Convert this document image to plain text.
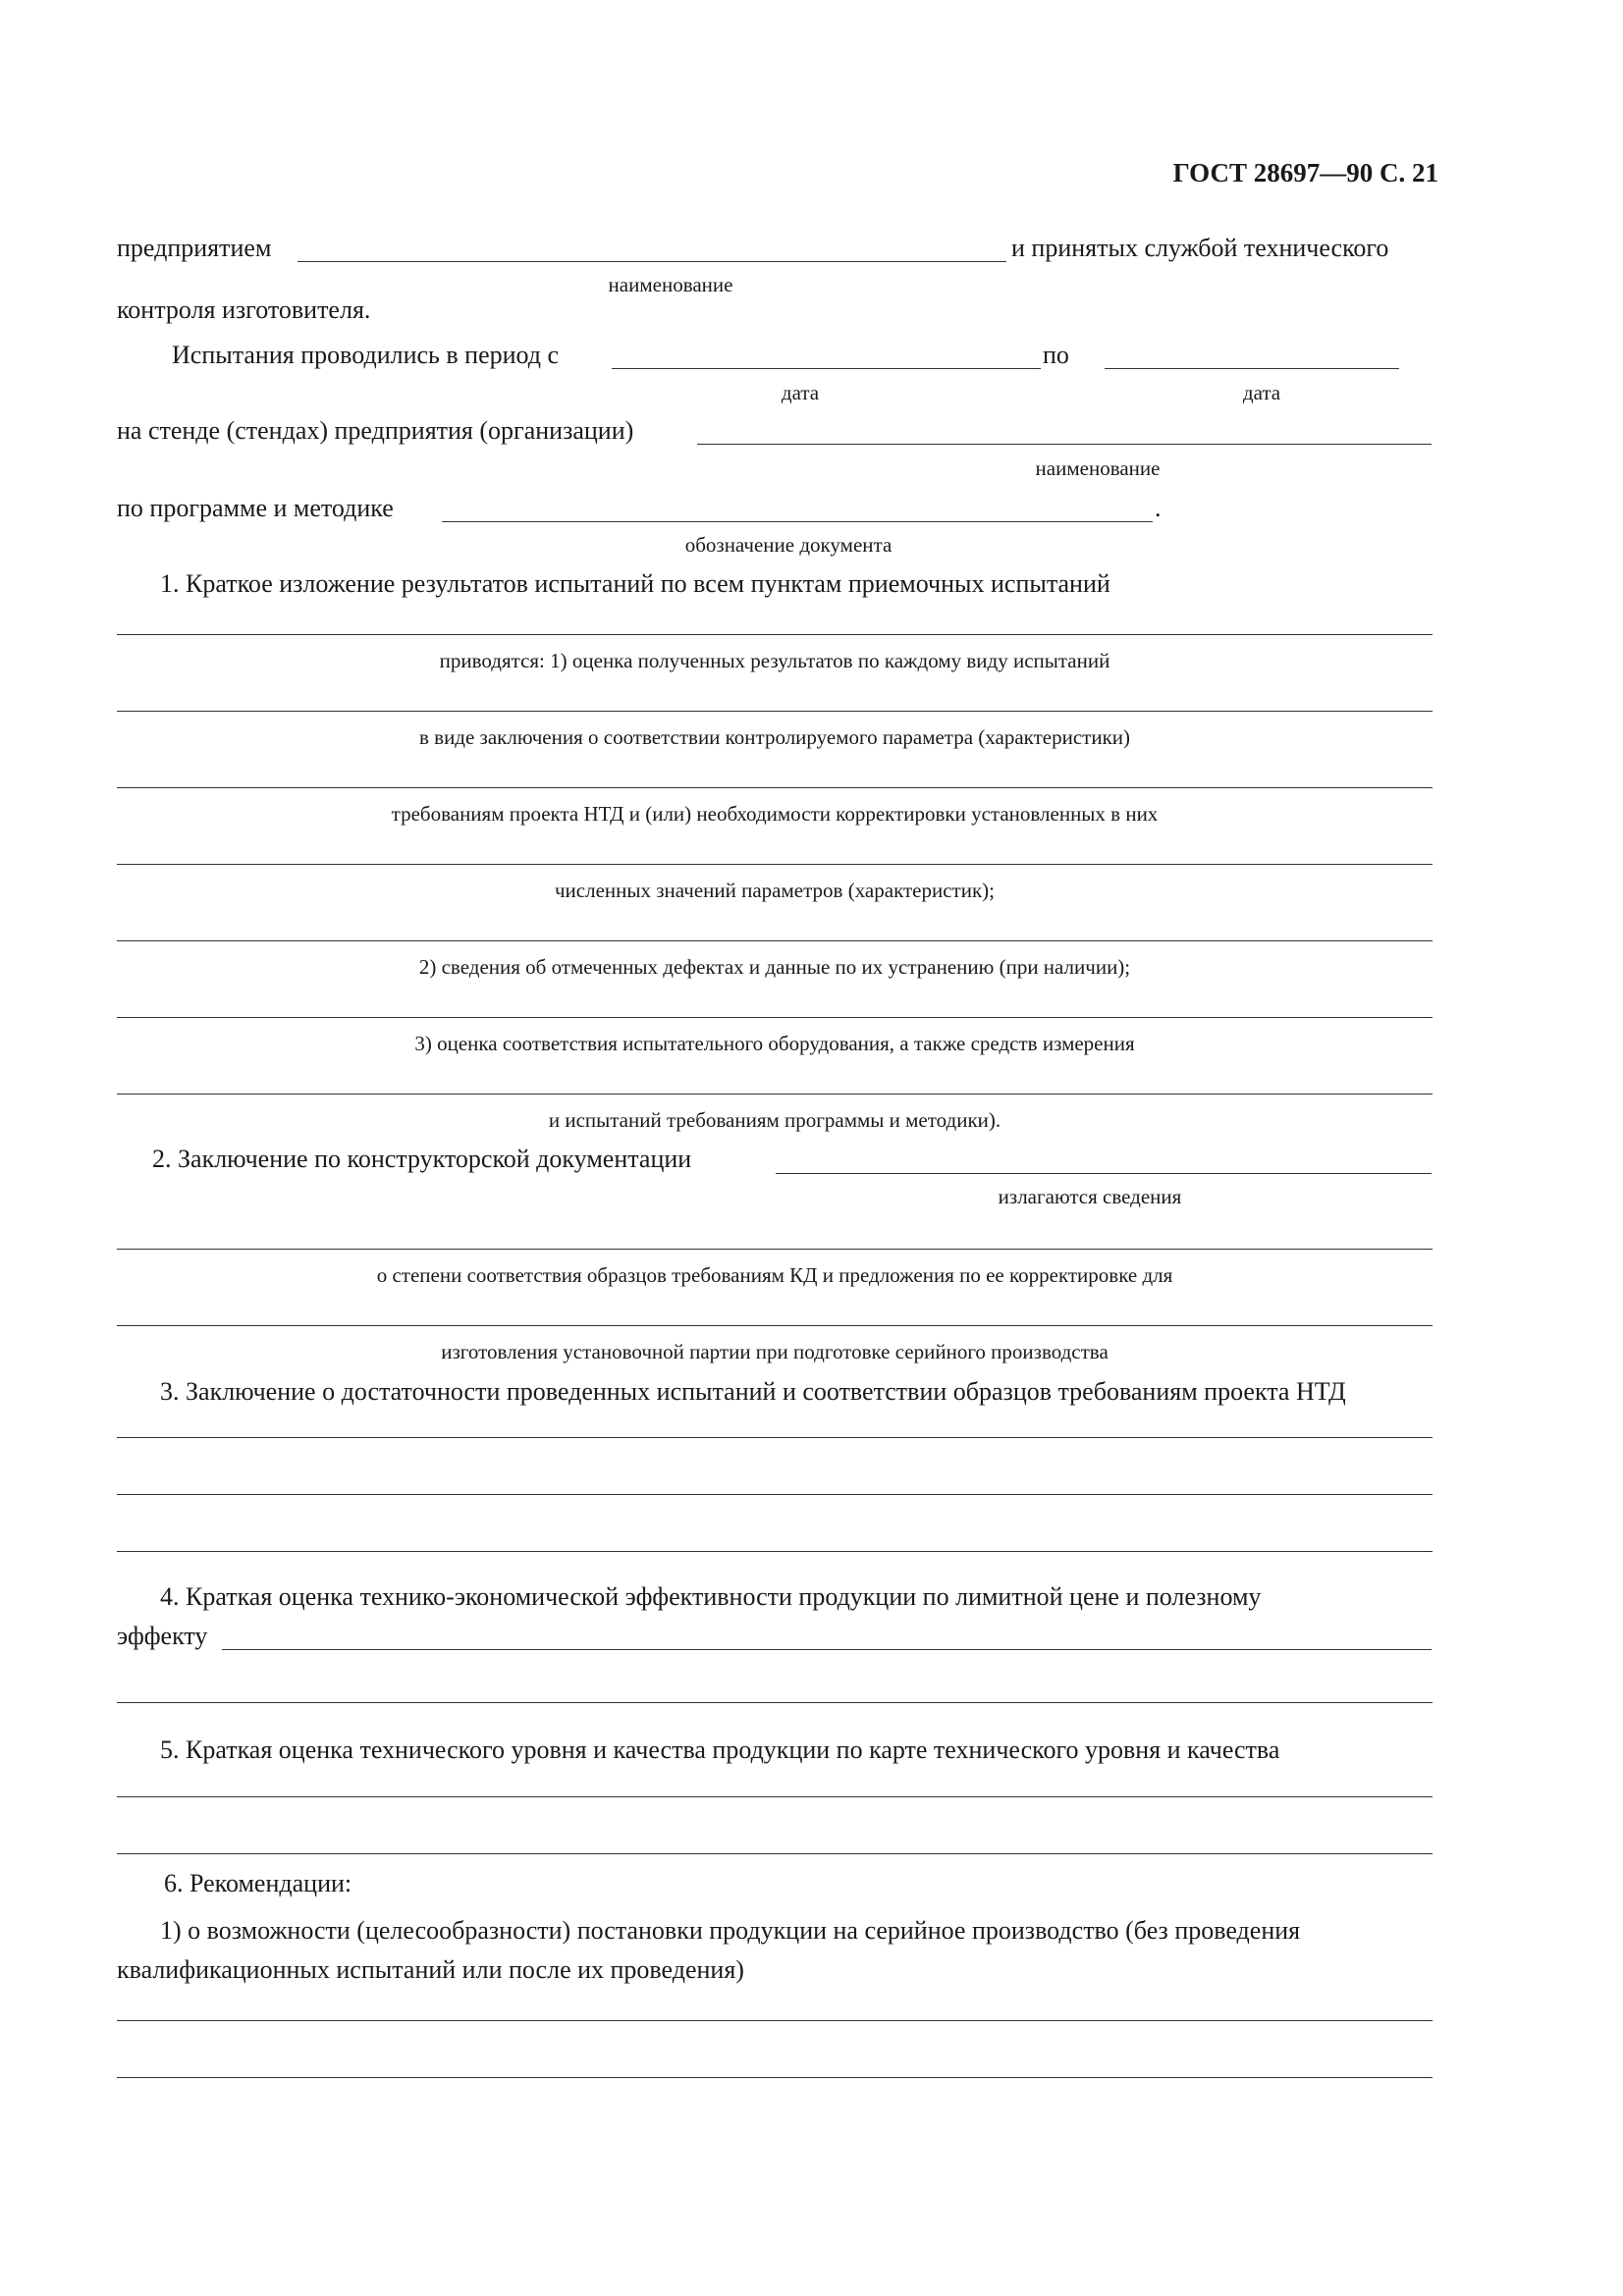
ГОСТ 28697—90 С. 21
предприятием	и принятых службой технического
наименование
контроля изготовителя.
Испытания проводились в период с	по
дата	дата
на стенде (стендах) предприятия (организации)
наименование
по программе и методике	.
обозначение документа
1. Краткое изложение результатов испытаний по всем пунктам приемочных испытаний
приводятся: 1) оценка полученных результатов по каждому виду испытаний
в виде заключения о соответствии контролируемого параметра (характеристики)
требованиям проекта НТД и (или) необходимости корректировки установленных в них
численных значений параметров (характеристик);
2) сведения об отмеченных дефектах и данные по их устранению (при наличии);
3) оценка соответствия испытательного оборудования, а также средств измерения
и испытаний требованиям программы и методики).
2. Заключение по конструкторской документации
излагаются сведения
о степени соответствия образцов требованиям КД и предложения по ее корректировке для
изготовления установочной партии при подготовке серийного производства
3. Заключение о достаточности проведенных испытаний и соответствии образцов требованиям проекта НТД
4. Краткая оценка технико-экономической эффективности продукции по лимитной цене и полезному
эффекту
5. Краткая оценка технического уровня и качества продукции по карте технического уровня и качества
6. Рекомендации:
1) о возможности (целесообразности) постановки продукции на серийное производство (без проведения
квалификационных испытаний или после их проведения)
